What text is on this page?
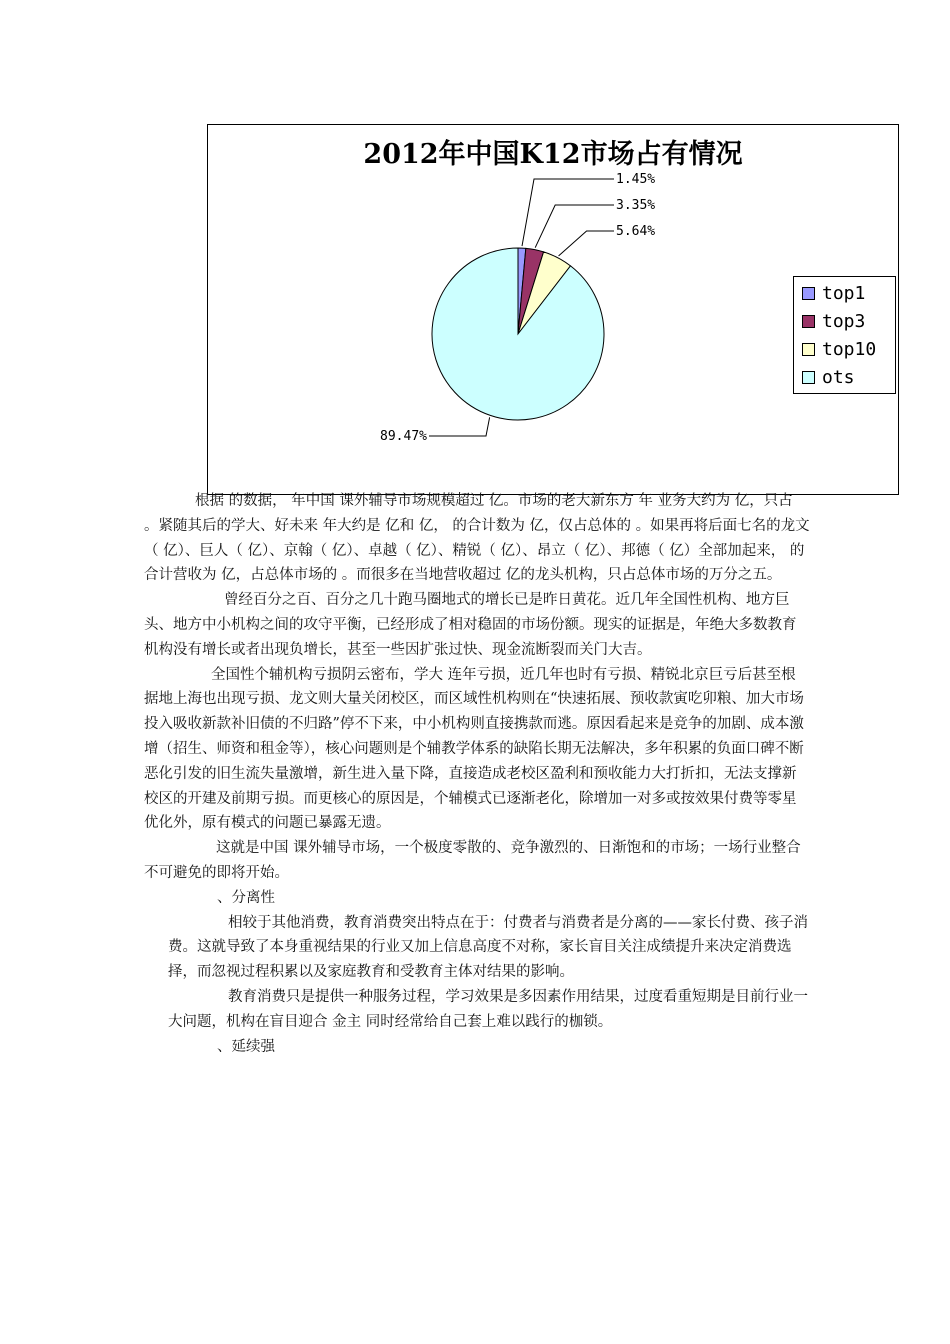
2012年中国K12市场占有情况
1.45%
3.35%
5.64%
89.47%
top1
top3
top10
ots

根据 的数据， 年中国 课外辅导市场规模超过 亿。市场的老大新东方 年 业务大约为 亿，只占 。紧随其后的学大、好未来 年大约是 亿和 亿， 的合计数为 亿，仅占总体的 。如果再将后面七名的龙文（ 亿）、巨人（ 亿）、京翰（ 亿）、卓越（ 亿）、精锐（ 亿）、昂立（ 亿）、邦德（ 亿）全部加起来， 的合计营收为 亿，占总体市场的 。而很多在当地营收超过 亿的龙头机构，只占总体市场的万分之五。

曾经百分之百、百分之几十跑马圈地式的增长已是昨日黄花。近几年全国性机构、地方巨头、地方中小机构之间的攻守平衡，已经形成了相对稳固的市场份额。现实的证据是，年绝大多数教育机构没有增长或者出现负增长，甚至一些因扩张过快、现金流断裂而关门大吉。

全国性个辅机构亏损阴云密布，学大 连年亏损，近几年也时有亏损、精锐北京巨亏后甚至根据地上海也出现亏损、龙文则大量关闭校区，而区域性机构则在“快速拓展、预收款寅吃卯粮、加大市场投入吸收新款补旧债的不归路”停不下来，中小机构则直接携款而逃。原因看起来是竞争的加剧、成本激增（招生、师资和租金等），核心问题则是个辅教学体系的缺陷长期无法解决，多年积累的负面口碑不断恶化引发的旧生流失量激增，新生进入量下降，直接造成老校区盈利和预收能力大打折扣，无法支撑新校区的开建及前期亏损。而更核心的原因是，个辅模式已逐渐老化，除增加一对多或按效果付费等零星优化外，原有模式的问题已暴露无遗。

这就是中国 课外辅导市场，一个极度零散的、竞争激烈的、日渐饱和的市场；一场行业整合不可避免的即将开始。

、分离性

相较于其他消费，教育消费突出特点在于：付费者与消费者是分离的——家长付费、孩子消费。这就导致了本身重视结果的行业又加上信息高度不对称，家长盲目关注成绩提升来决定消费选择，而忽视过程积累以及家庭教育和受教育主体对结果的影响。

教育消费只是提供一种服务过程，学习效果是多因素作用结果，过度看重短期是目前行业一大问题，机构在盲目迎合 金主 同时经常给自己套上难以践行的枷锁。

、延续强
